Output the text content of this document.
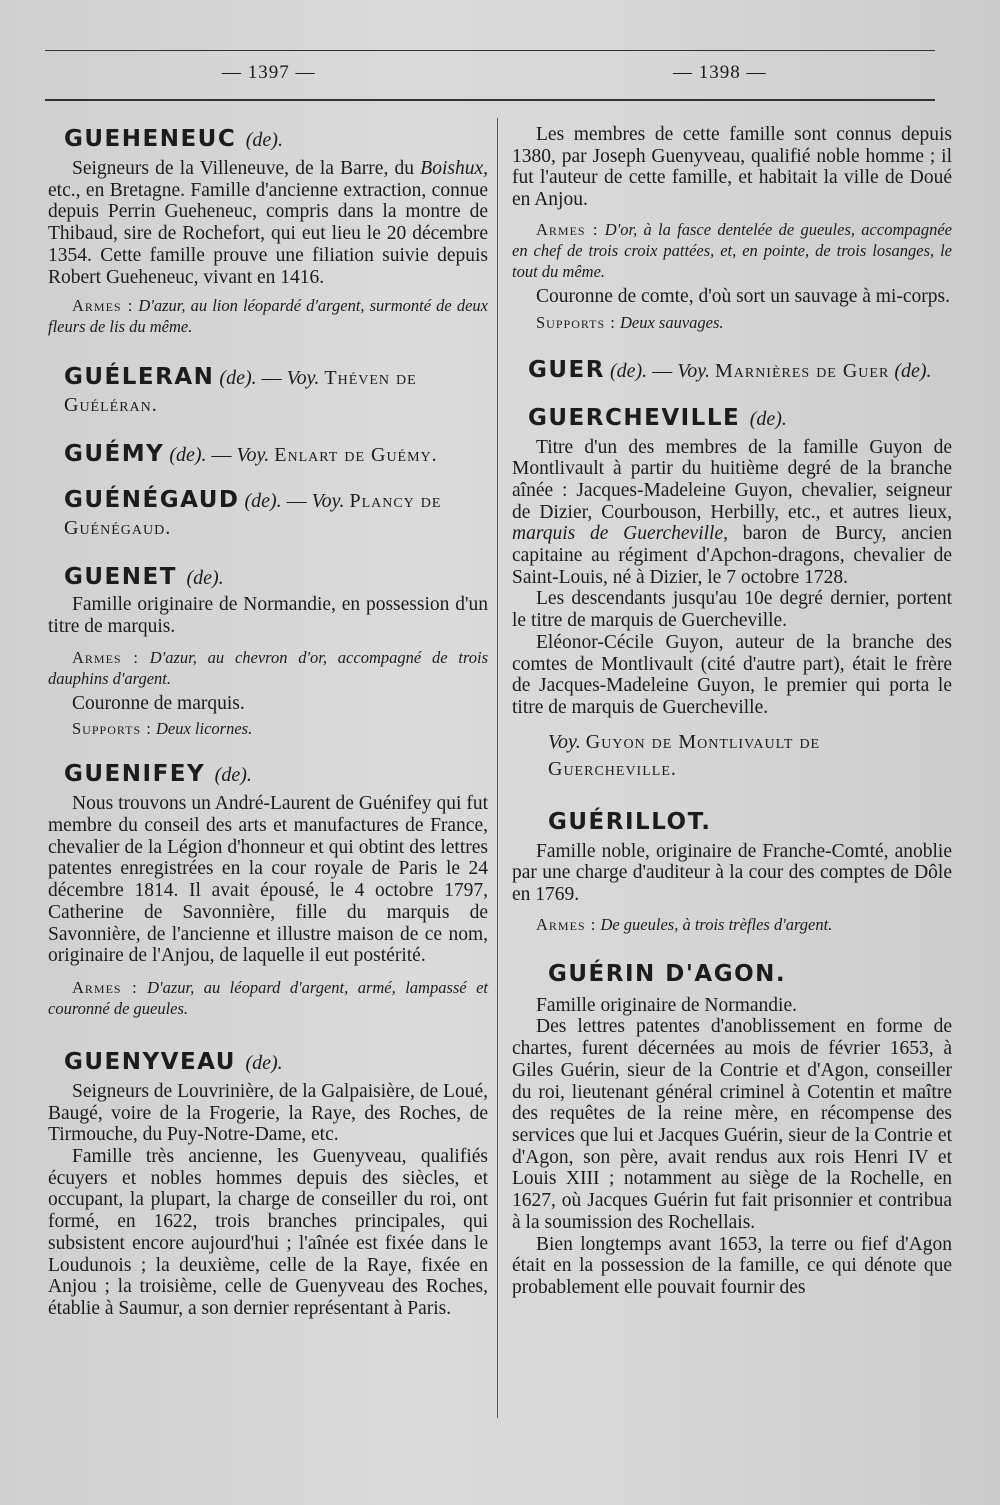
— 1397 —	— 1398 —
GUEHENEUC (de).

Seigneurs de la Villeneuve, de la Barre, du Boishux, etc., en Bretagne. Famille d'ancienne extraction, connue depuis Perrin Gueheneuc, compris dans la montre de Thibaud, sire de Rochefort, qui eut lieu le 20 décembre 1354. Cette famille prouve une filiation suivie depuis Robert Gueheneuc, vivant en 1416.

Armes : D'azur, au lion léopardé d'argent, surmonté de deux fleurs de lis du même.

GUÉLERAN (de). — Voy. Théven de Guéléran.

GUÉMY (de). — Voy. Enlart de Guémy.

GUÉNÉGAUD (de). — Voy. Plancy de Guénégaud.

GUENET (de).

Famille originaire de Normandie, en possession d'un titre de marquis.

Armes : D'azur, au chevron d'or, accompagné de trois dauphins d'argent.

Couronne de marquis.

Supports : Deux licornes.

GUENIFEY (de).

Nous trouvons un André-Laurent de Guénifey qui fut membre du conseil des arts et manufactures de France, chevalier de la Légion d'honneur et qui obtint des lettres patentes enregistrées en la cour royale de Paris le 24 décembre 1814. Il avait épousé, le 4 octobre 1797, Catherine de Savonnière, fille du marquis de Savonnière, de l'ancienne et illustre maison de ce nom, originaire de l'Anjou, de laquelle il eut postérité.

Armes : D'azur, au léopard d'argent, armé, lampassé et couronné de gueules.

GUENYVEAU (de).

Seigneurs de Louvrinière, de la Galpaisière, de Loué, Baugé, voire de la Frogerie, la Raye, des Roches, de Tirmouche, du Puy-Notre-Dame, etc.

Famille très ancienne, les Guenyveau, qualifiés écuyers et nobles hommes depuis des siècles, et occupant, la plupart, la charge de conseiller du roi, ont formé, en 1622, trois branches principales, qui subsistent encore aujourd'hui ; l'aînée est fixée dans le Loudunois ; la deuxième, celle de la Raye, fixée en Anjou ; la troisième, celle de Guenyveau des Roches, établie à Saumur, a son dernier représentant à Paris.

Les membres de cette famille sont connus depuis 1380, par Joseph Guenyveau, qualifié noble homme ; il fut l'auteur de cette famille, et habitait la ville de Doué en Anjou.

Armes : D'or, à la fasce dentelée de gueules, accompagnée en chef de trois croix pattées, et, en pointe, de trois losanges, le tout du même.

Couronne de comte, d'où sort un sauvage à mi-corps.

Supports : Deux sauvages.

GUER (de). — Voy. Marnières de Guer (de).

GUERCHEVILLE (de).

Titre d'un des membres de la famille Guyon de Montlivault à partir du huitième degré de la branche aînée : Jacques-Madeleine Guyon, chevalier, seigneur de Dizier, Courbouson, Herbilly, etc., et autres lieux, marquis de Guercheville, baron de Burcy, ancien capitaine au régiment d'Apchon-dragons, chevalier de Saint-Louis, né à Dizier, le 7 octobre 1728.

Les descendants jusqu'au 10e degré dernier, portent le titre de marquis de Guercheville.

Eléonor-Cécile Guyon, auteur de la branche des comtes de Montlivault (cité d'autre part), était le frère de Jacques-Madeleine Guyon, le premier qui porta le titre de marquis de Guercheville.

Voy. Guyon de Montlivault de Guercheville.

GUÉRILLOT.

Famille noble, originaire de Franche-Comté, anoblie par une charge d'auditeur à la cour des comptes de Dôle en 1769.

Armes : De gueules, à trois trèfles d'argent.

GUÉRIN D'AGON.

Famille originaire de Normandie.

Des lettres patentes d'anoblissement en forme de chartes, furent décernées au mois de février 1653, à Giles Guérin, sieur de la Contrie et d'Agon, conseiller du roi, lieutenant général criminel à Cotentin et maître des requêtes de la reine mère, en récompense des services que lui et Jacques Guérin, sieur de la Contrie et d'Agon, son père, avait rendus aux rois Henri IV et Louis XIII ; notamment au siège de la Rochelle, en 1627, où Jacques Guérin fut fait prisonnier et contribua à la soumission des Rochellais.

Bien longtemps avant 1653, la terre ou fief d'Agon était en la possession de la famille, ce qui dénote que probablement elle pouvait fournir des
